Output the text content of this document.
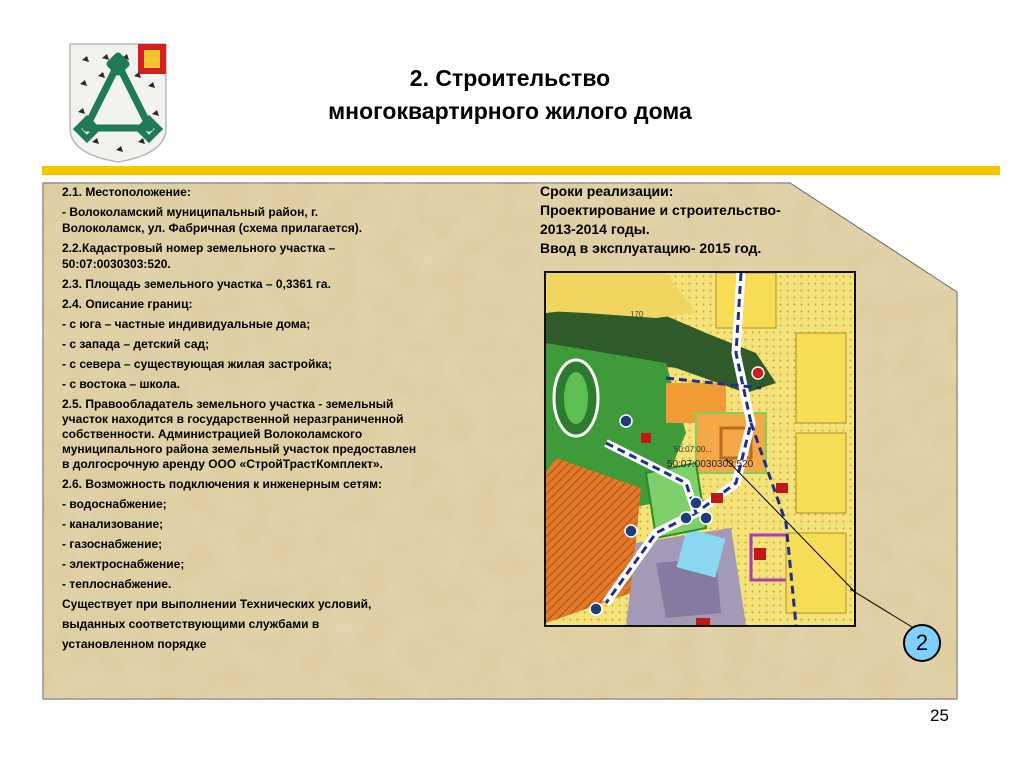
2. Строительство
многоквартирного жилого дома
2.1. Местоположение:
- Волоколамский муниципальный район, г.
Волоколамск, ул. Фабричная (схема прилагается).
2.2.Кадастровый номер земельного участка –
50:07:0030303:520.
2.3. Площадь земельного участка – 0,3361 га.
2.4. Описание границ:
- с юга – частные индивидуальные дома;
- с запада – детский сад;
- с севера – существующая жилая застройка;
- с востока – школа.
2.5. Правообладатель земельного участка - земельный
участок находится в государственной неразграниченной
собственности. Администрацией Волоколамского
муниципального района земельный участок предоставлен
в долгосрочную аренду ООО «СтройТрастКомплект».
2.6. Возможность подключения к инженерным сетям:
- водоснабжение;
- канализование;
- газоснабжение;
- электроснабжение;
- теплоснабжение.
Существует при выполнении Технических условий,
выданных соответствующими службами в
установленном порядке
Сроки реализации:
Проектирование и строительство-
2013-2014 годы.
Ввод в эксплуатацию- 2015 год.
170
50:07:00...
50:07:0030303:520
2
25
